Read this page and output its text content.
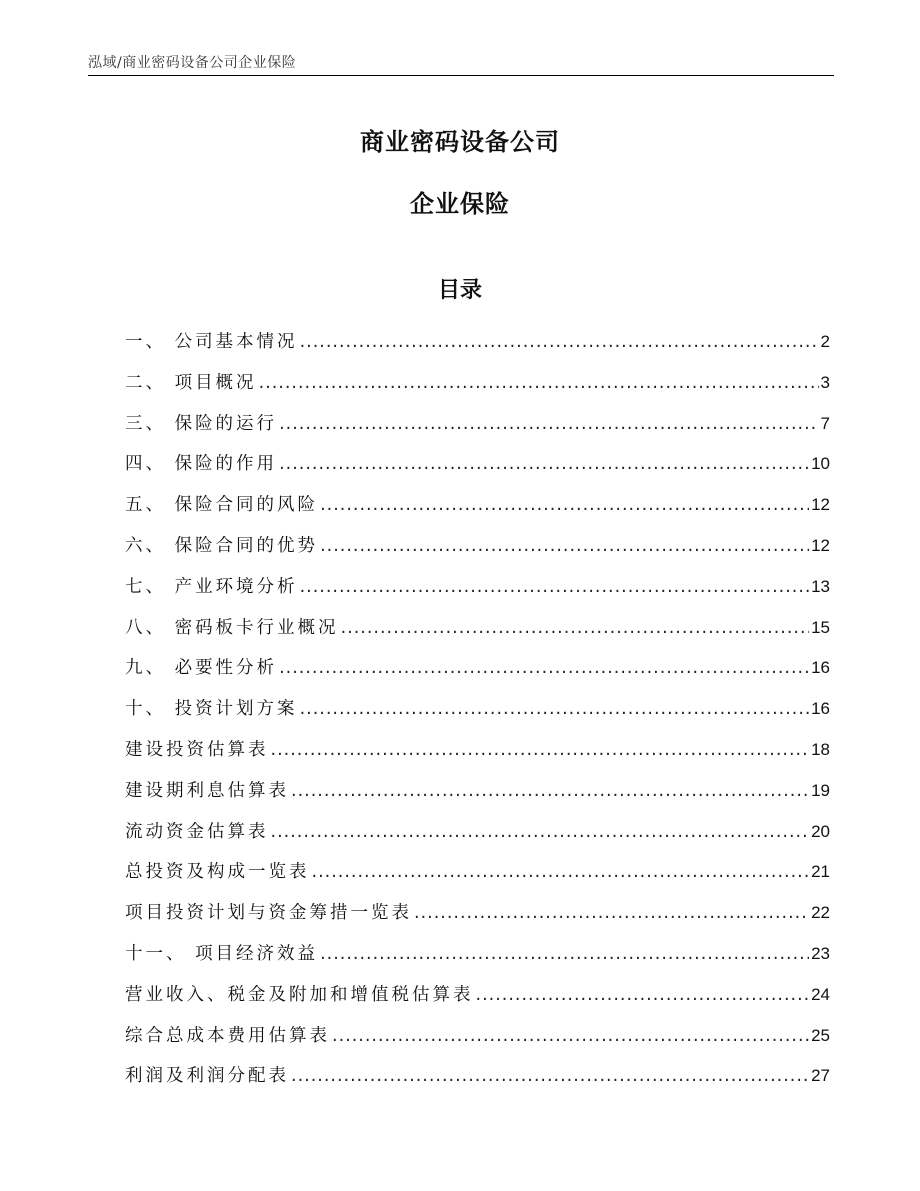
泓域/商业密码设备公司企业保险
商业密码设备公司
企业保险
目录
一、 公司基本情况 .....	2
二、 项目概况 .....	3
三、 保险的运行 .....	7
四、 保险的作用 .....	10
五、 保险合同的风险 .....	12
六、 保险合同的优势 .....	12
七、 产业环境分析 .....	13
八、 密码板卡行业概况 .....	15
九、 必要性分析 .....	16
十、 投资计划方案 .....	16
建设投资估算表 .....	18
建设期利息估算表 .....	19
流动资金估算表 .....	20
总投资及构成一览表 .....	21
项目投资计划与资金筹措一览表 .....	22
十一、 项目经济效益 .....	23
营业收入、税金及附加和增值税估算表 .....	24
综合总成本费用估算表 .....	25
利润及利润分配表 .....	27
